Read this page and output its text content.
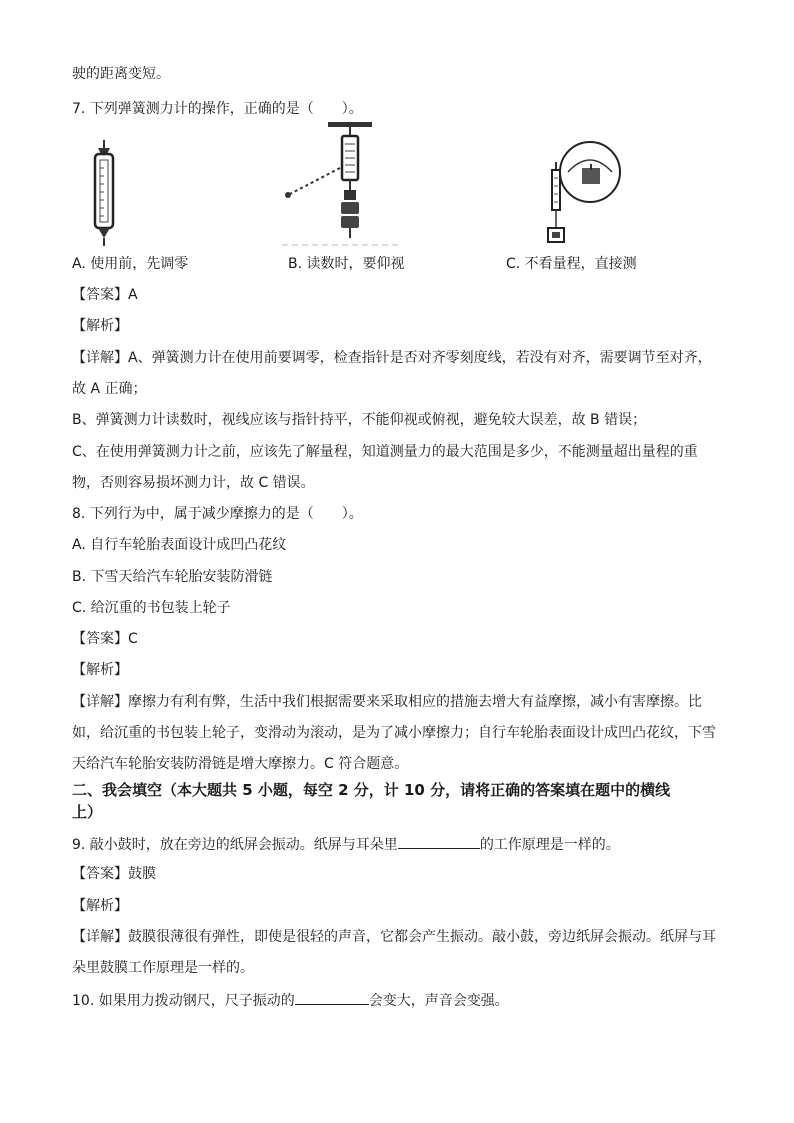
驶的距离变短。
7. 下列弹簧测力计的操作，正确的是（　　）。
A. 使用前，先调零	B. 读数时，要仰视	C. 不看量程，直接测
【答案】A
【解析】
【详解】A、弹簧测力计在使用前要调零，检查指针是否对齐零刻度线，若没有对齐，需要调节至对齐，
故 A 正确；
B、弹簧测力计读数时，视线应该与指针持平，不能仰视或俯视，避免较大误差，故 B 错误；
C、在使用弹簧测力计之前，应该先了解量程，知道测量力的最大范围是多少，不能测量超出量程的重
物，否则容易损坏测力计，故 C 错误。
8. 下列行为中，属于减少摩擦力的是（　　）。
A. 自行车轮胎表面设计成凹凸花纹
B. 下雪天给汽车轮胎安装防滑链
C. 给沉重的书包装上轮子
【答案】C
【解析】
【详解】摩擦力有利有弊，生活中我们根据需要来采取相应的措施去增大有益摩擦，减小有害摩擦。比
如，给沉重的书包装上轮子，变滑动为滚动，是为了减小摩擦力；自行车轮胎表面设计成凹凸花纹，下雪
天给汽车轮胎安装防滑链是增大摩擦力。C 符合题意。
二、我会填空（本大题共 5 小题，每空 2 分，计 10 分，请将正确的答案填在题中的横线
上）
9. 敲小鼓时，放在旁边的纸屏会振动。纸屏与耳朵里	的工作原理是一样的。
【答案】鼓膜
【解析】
【详解】鼓膜很薄很有弹性，即使是很轻的声音，它都会产生振动。敲小鼓，旁边纸屏会振动。纸屏与耳
朵里鼓膜工作原理是一样的。
10. 如果用力拨动钢尺，尺子振动的	会变大，声音会变强。
